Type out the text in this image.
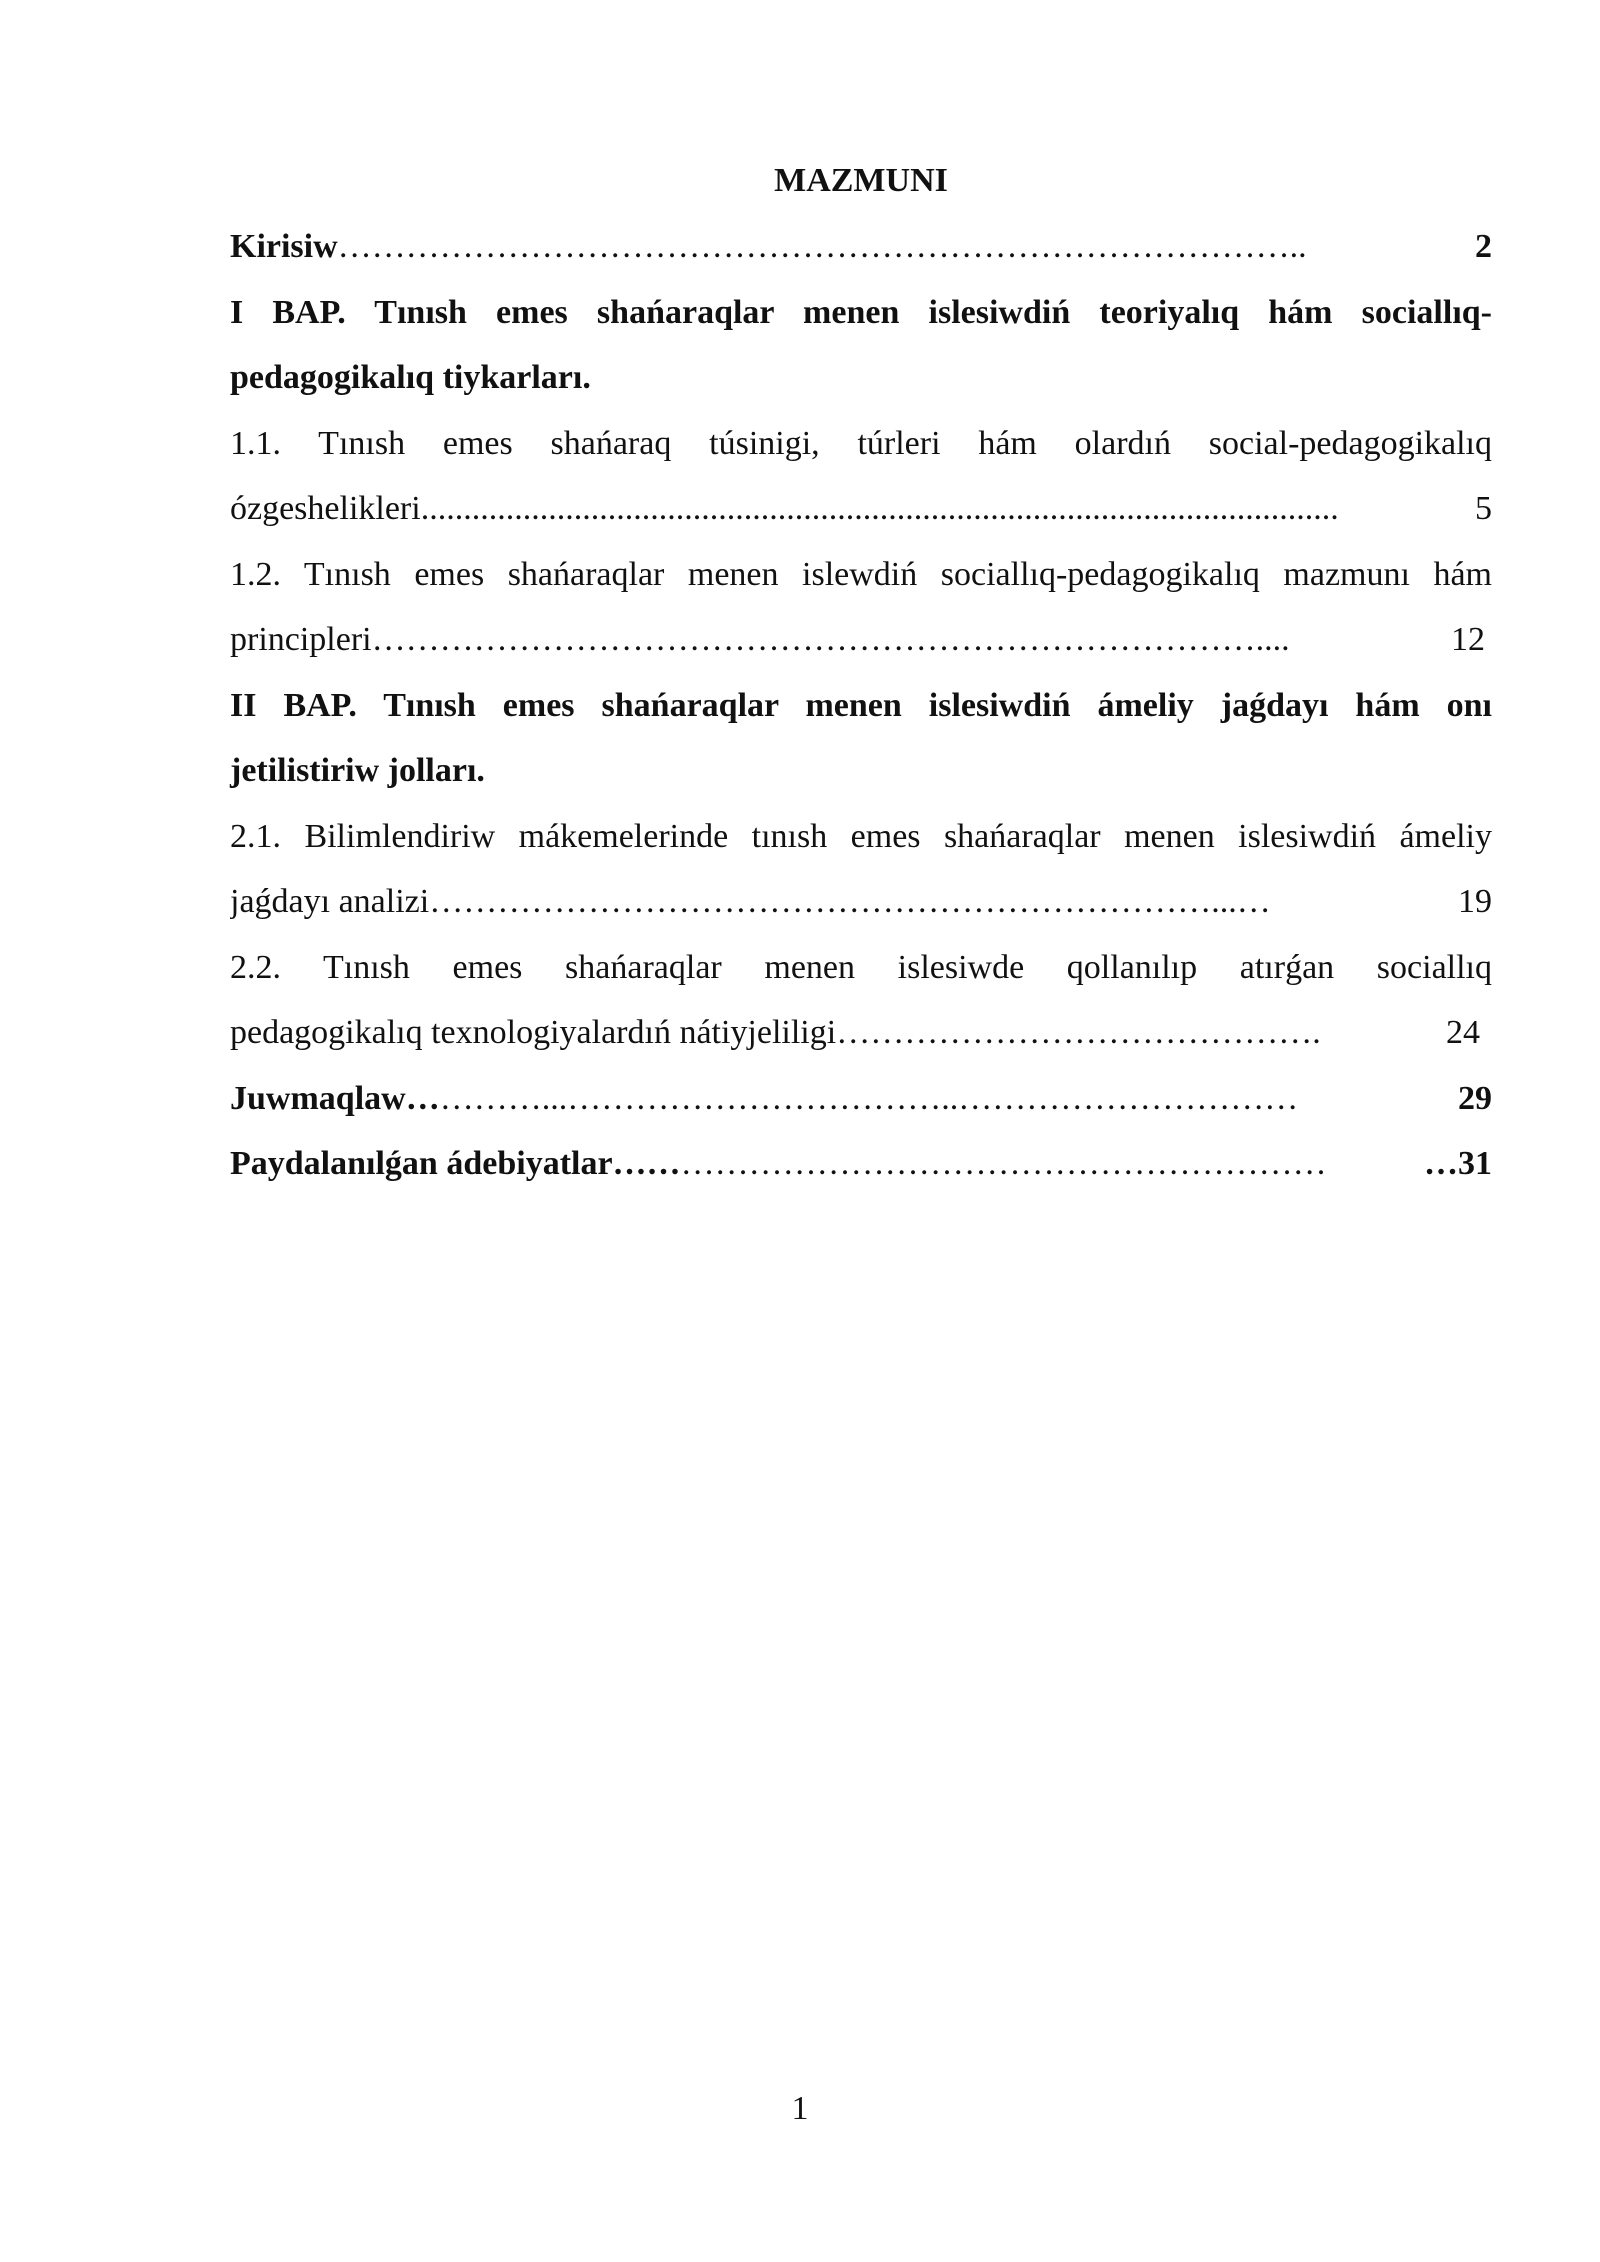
MAZMUNI
Kirisiw …………………………………………………………………………..	2

I BAP. Tınısh emes shańaraqlar menen islesiwdiń teoriyalıq hám sociallıq-

pedagogikalıq tiykarları.

1.1. Tınısh emes shańaraq túsinigi, túrleri hám olardıń social-pedagogikalıq

ózgeshelikleri ............................................................................................................	5

1.2. Tınısh emes shańaraqlar menen islewdiń sociallıq-pedagogikalıq mazmunı hám

principleri ……………………………………………………………………....	12

II BAP. Tınısh emes shańaraqlar menen islesiwdiń ámeliy jaǵdayı hám onı

jetilistiriw jolları.

2.1. Bilimlendiriw mákemelerinde tınısh emes shańaraqlar menen islesiwdiń ámeliy

jaǵdayı analizi ……………………………………………………………...…	19

2.2. Tınısh emes shańaraqlar menen islesiwde qollanılıp atırǵan sociallıq

pedagogikalıq texnologiyalardıń nátiyjeliligi …………………………………….	24
Juwmaqlaw… ………...……………………………..…………………………	29
Paydalanılǵan ádebiyatlar…… …………………………………………………	…31
1
